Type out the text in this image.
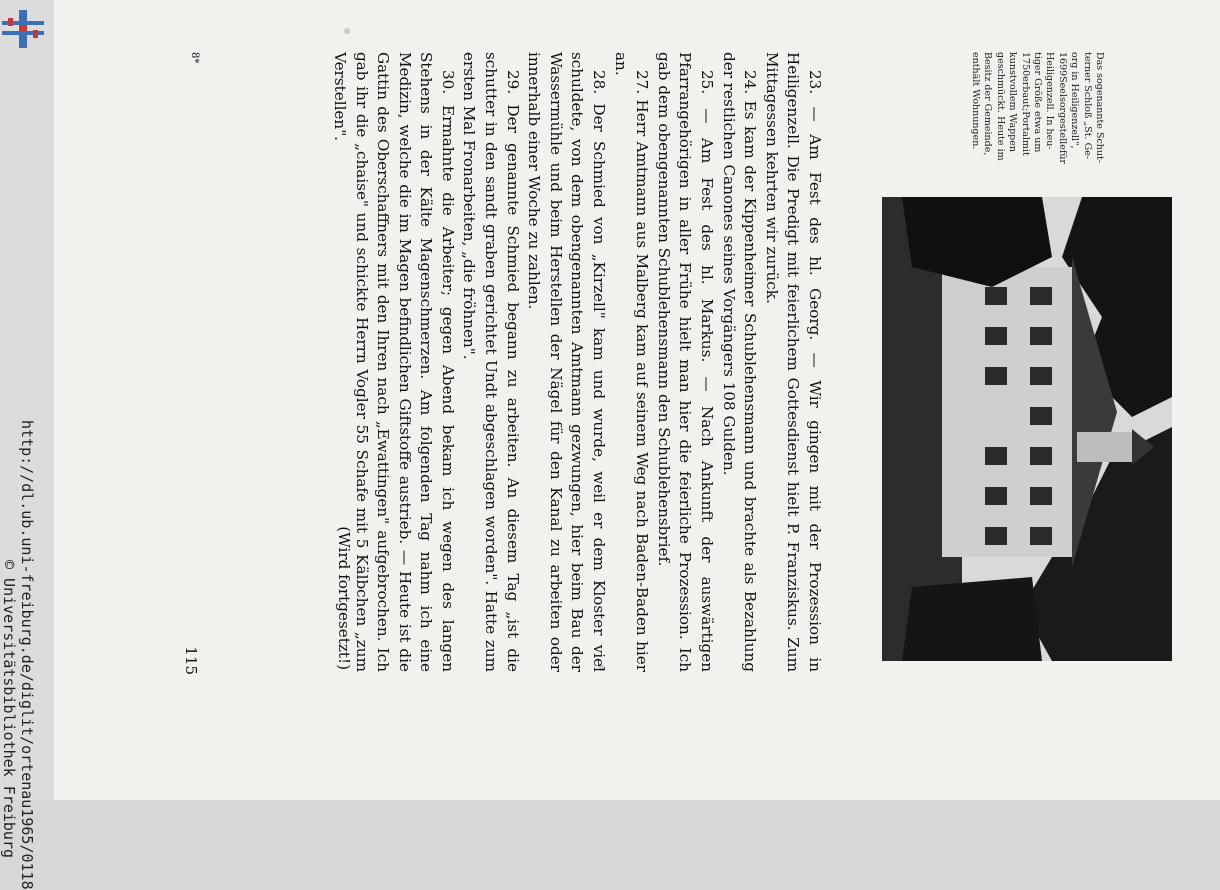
http://dl.ub.uni-freiburg.de/diglit/ortenau1965/0118
© Universitätsbibliothek Freiburg
Das sogenannte Schut-
terner Schloß „St. Ge-
org in Heiligenzell",
1699Seelsorgestellefür
Heiligenzell. In heu-
tiger Größe etwa um
1750erbaut;Portalmit
kunstvollem Wappen
geschmückt. Heute im
Besitz der Gemeinde,
enthält Wohnungen.

23. — Am Fest des hl. Georg. — Wir gingen mit der Prozession in Heiligenzell. Die Predigt mit feierlichem Gottesdienst hielt P. Franziskus. Zum Mittagessen kehrten wir zurück.

24. Es kam der Kippenheimer Schublehensmann und brachte als Bezahlung der restlichen Canones seines Vorgängers 108 Gulden.

25. — Am Fest des hl. Markus. — Nach Ankunft der auswärtigen Pfarrangehörigen in aller Frühe hielt man hier die feierliche Prozession. Ich gab dem obengenannten Schublehensmann den Schublehensbrief.

27. Herr Amtmann aus Malberg kam auf seinem Weg nach Baden-Baden hier an.

28. Der Schmied von „Kirzell" kam und wurde, weil er dem Kloster viel schuldete, von dem obengenannten Amtmann gezwungen, hier beim Bau der Wassermühle und beim Herstellen der Nägel für den Kanal zu arbeiten oder innerhalb einer Woche zu zahlen.

29. Der genannte Schmied begann zu arbeiten. An diesem Tag „ist die schutter in den sandt graben gerichtet Undt abgeschlagen worden". Hatte zum ersten Mal Fronarbeiten, „die fröhnen".

30. Ermahnte die Arbeiter; gegen Abend bekam ich wegen des langen Stehens in der Kälte Magenschmerzen. Am folgenden Tag nahm ich eine Medizin, welche die im Magen befindlichen Giftstoffe austrieb. — Heute ist die Gattin des Oberschaffners mit den Ihren nach „Ewattingen" aufgebrochen. Ich gab ihr die „chaise" und schickte Herrn Vogler 55 Schafe mit 5 Kälbchen „zum Verstellen".

(Wird fortgesetzt!)
8*
115
